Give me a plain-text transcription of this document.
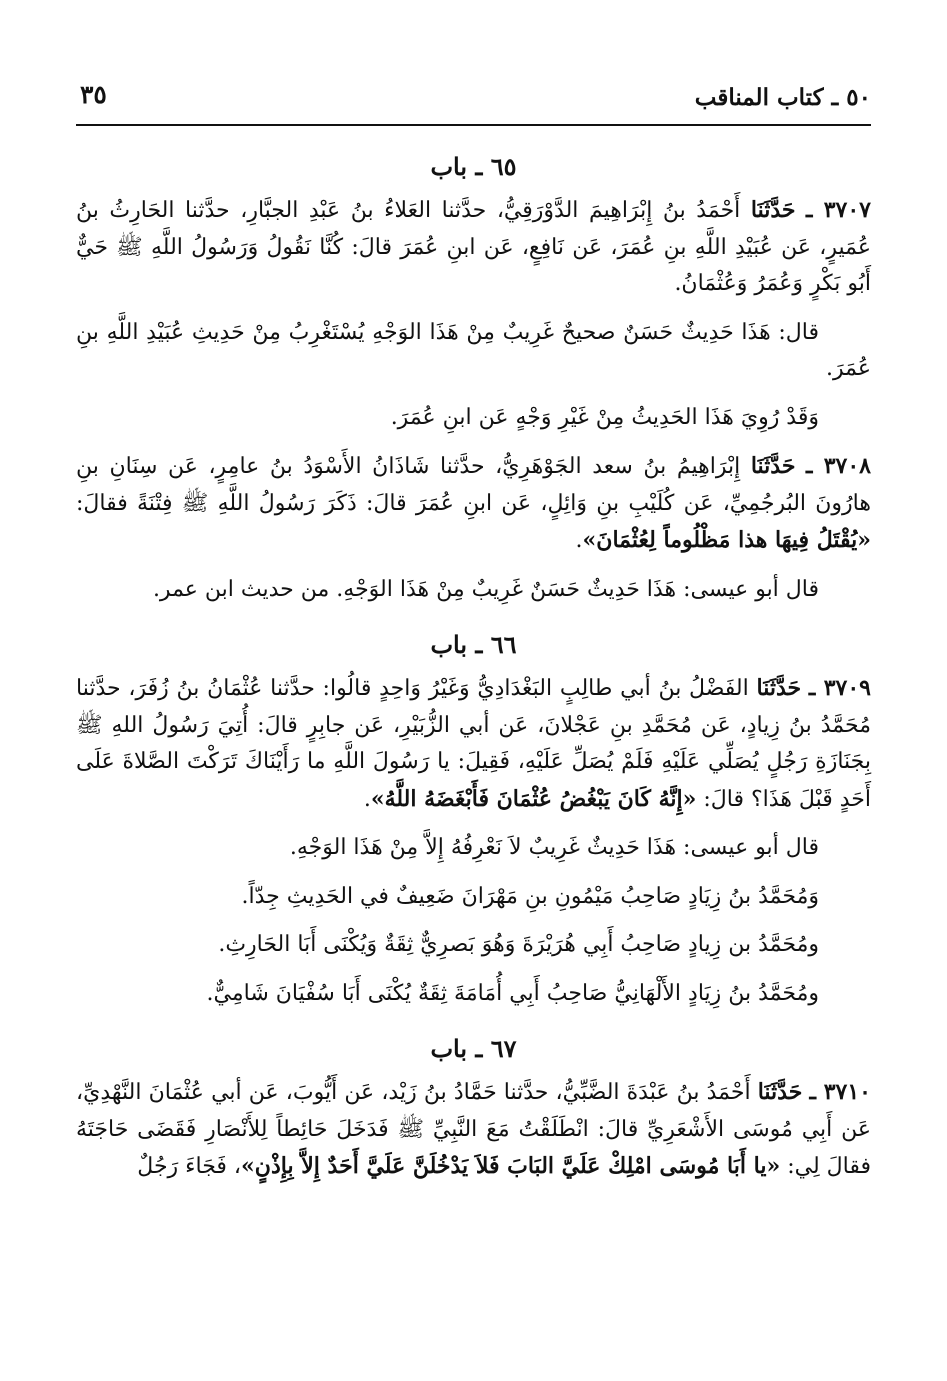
٥٠ ـ كتاب المناقب
٣٥
٦٥ ـ باب

٣٧٠٧ ـ حَدَّثَنَا أَحْمَدُ بنُ إِبْرَاهِيمَ الدَّوْرَقِيُّ، حدَّثنا العَلاءُ بنُ عَبْدِ الجبَّارِ، حدَّثنا الحَارِثُ بنُ عُمَيرٍ، عَن عُبَيْدِ اللَّهِ بنِ عُمَرَ، عَن نَافِعٍ، عَن ابنِ عُمَرَ قالَ: كُنَّا نَقُولُ وَرَسُولُ اللَّهِ ﷺ حَيٌّ أَبُو بَكْرٍ وَعُمَرُ وَعُثْمَانُ.

قال: هَذَا حَدِيثٌ حَسَنٌ صحيحٌ غَرِيبٌ مِنْ هَذَا الوَجْهِ يُسْتَغْرِبُ مِنْ حَدِيثِ عُبَيْدِ اللَّهِ بنِ عُمَرَ.

وَقَدْ رُوِيَ هَذَا الحَدِيثُ مِنْ غَيْرِ وَجْهٍ عَن ابنِ عُمَرَ.

٣٧٠٨ ـ حَدَّثَنَا إِبْرَاهِيمُ بنُ سعد الجَوْهَرِيُّ، حدَّثنا شَاذَانُ الأَسْوَدُ بنُ عامِرٍ، عَن سِنَانِ بنِ هارُونَ البُرجُمِيِّ، عَن كُلَيْبِ بنِ وَائِلٍ، عَن ابنِ عُمَرَ قالَ: ذَكَرَ رَسُولُ اللَّهِ ﷺ فِتْنَةً فقالَ: «يُقْتَلُ فِيهَا هذا مَظْلُوماً لِعُثْمَانَ».

قال أبو عيسى: هَذَا حَدِيثٌ حَسَنٌ غَرِيبٌ مِنْ هَذَا الوَجْهِ. من حديث ابن عمر.

٦٦ ـ باب

٣٧٠٩ ـ حَدَّثَنَا الفَضْلُ بنُ أبي طالِبٍ البَغْدَادِيُّ وَغَيْرُ وَاحِدٍ قالُوا: حدَّثنا عُثْمَانُ بنُ زُفَرَ، حدَّثنا مُحَمَّدُ بنُ زِيادٍ، عَن مُحَمَّدِ بنِ عَجْلانَ، عَن أبي الزُّبَيْرِ، عَن جابِرٍ قالَ: أُتِيَ رَسُولُ اللهِ ﷺ بِجَنَازَةِ رَجُلٍ يُصَلِّي عَلَيْهِ فَلَمْ يُصَلِّ عَلَيْهِ، فَقِيلَ: يا رَسُولَ اللَّهِ ما رَأَيْنَاكَ تَرَكْتَ الصَّلاةَ عَلَى أَحَدٍ قَبْلَ هَذَا؟ قالَ: «إِنَّهُ كَانَ يَبْغُضُ عُثْمَانَ فَأَبْغَضَهُ اللَّهُ».

قال أبو عيسى: هَذَا حَدِيثٌ غَرِيبٌ لاَ نَعْرِفُهُ إِلاَّ مِنْ هَذَا الوَجْهِ.

وَمُحَمَّدُ بنُ زِيَادٍ صَاحِبُ مَيْمُونِ بنِ مَهْرَانَ ضَعِيفٌ في الحَدِيثِ جِدّاً.

ومُحَمَّدُ بن زِيادٍ صَاحِبُ أَبِي هُرَيْرَةَ وَهُوَ بَصرِيٌّ ثِقَةٌ وَيُكْنَى أَبَا الحَارِثِ.

ومُحَمَّدُ بنُ زِيَادٍ الأَلْهَانِيُّ صَاحِبُ أَبِي أُمَامَةَ ثِقَةٌ يُكْنَى أَبَا سُفْيَانَ شَامِيٌّ.

٦٧ ـ باب

٣٧١٠ ـ حَدَّثَنَا أَحْمَدُ بنُ عَبْدَةَ الضَّبِّيُّ، حدَّثنا حَمَّادُ بنُ زَيْد، عَن أَيُّوبَ، عَن أبي عُثْمَانَ النَّهْدِيِّ، عَن أَبِي مُوسَى الأَشْعَرِيِّ قالَ: انْطَلَقْتُ مَعَ النَّبِيِّ ﷺ فَدَخَلَ حَائِطاً لِلأَنْصَارِ فَقَضَى حَاجَتَهُ فقالَ لِي: «يا أَبَا مُوسَى امْلِكْ عَلَيَّ البَابَ فَلاَ يَدْخُلَنَّ عَلَيَّ أَحَدٌ إِلاَّ بِإِذْنٍ»، فَجَاءَ رَجُلٌ
